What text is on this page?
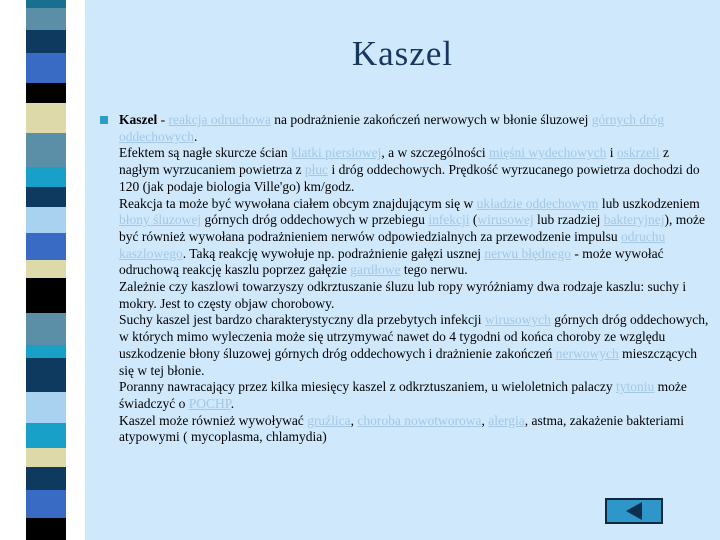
Kaszel
Kaszel - reakcja odruchowa na podrażnienie zakończeń nerwowych w błonie śluzowej górnych dróg oddechowych.
Efektem są nagłe skurcze ścian klatki piersiowej, a w szczególności mięśni wydechowych i oskrzeli z nagłym wyrzucaniem powietrza z płuc i dróg oddechowych. Prędkość wyrzucanego powietrza dochodzi do 120 (jak podaje biologia Ville'go) km/godz.
Reakcja ta może być wywołana ciałem obcym znajdującym się w układzie oddechowym lub uszkodzeniem błony śluzowej górnych dróg oddechowych w przebiegu infekcji (wirusowej lub rzadziej bakteryjnej), może być również wywołana podrażnieniem nerwów odpowiedzialnych za przewodzenie impulsu odruchu kaszlowego. Taką reakcję wywołuje np. podrażnienie gałęzi usznej nerwu błędnego - może wywołać odruchową reakcję kaszlu poprzez gałęzie gardłowe tego nerwu.
Zależnie czy kaszlowi towarzyszy odkrztuszanie śluzu lub ropy wyróżniamy dwa rodzaje kaszlu: suchy i mokry. Jest to częsty objaw chorobowy.
Suchy kaszel jest bardzo charakterystyczny dla przebytych infekcji wirusowych górnych dróg oddechowych, w których mimo wyleczenia może się utrzymywać nawet do 4 tygodni od końca choroby ze względu uszkodzenie błony śluzowej górnych dróg oddechowych i drażnienie zakończeń nerwowych mieszczących się w tej błonie.
Poranny nawracający przez kilka miesięcy kaszel z odkrztuszaniem, u wieloletnich palaczy tytoniu może świadczyć o POCHP.
Kaszel może również wywoływać gruźlica, choroba nowotworowa, alergia, astma, zakażenie bakteriami atypowymi ( mycoplasma, chlamydia)
